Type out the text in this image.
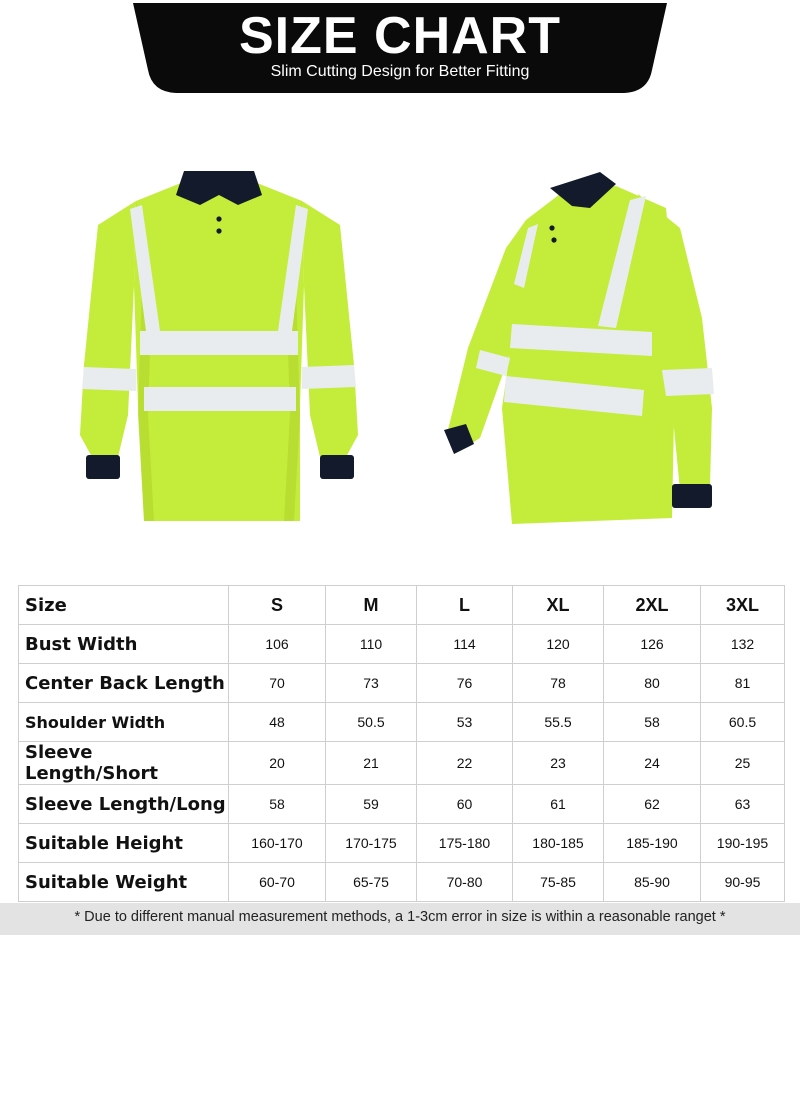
SIZE CHART
Slim Cutting Design for Better Fitting
Size	S	M	L	XL	2XL	3XL
Bust Width	106	110	114	120	126	132
Center Back Length	70	73	76	78	80	81
Shoulder Width	48	50.5	53	55.5	58	60.5
Sleeve Length/Short	20	21	22	23	24	25
Sleeve Length/Long	58	59	60	61	62	63
Suitable Height	160-170	170-175	175-180	180-185	185-190	190-195
Suitable Weight	60-70	65-75	70-80	75-85	85-90	90-95
* Due to different manual measurement methods, a 1-3cm error in size is within a reasonable ranget *
